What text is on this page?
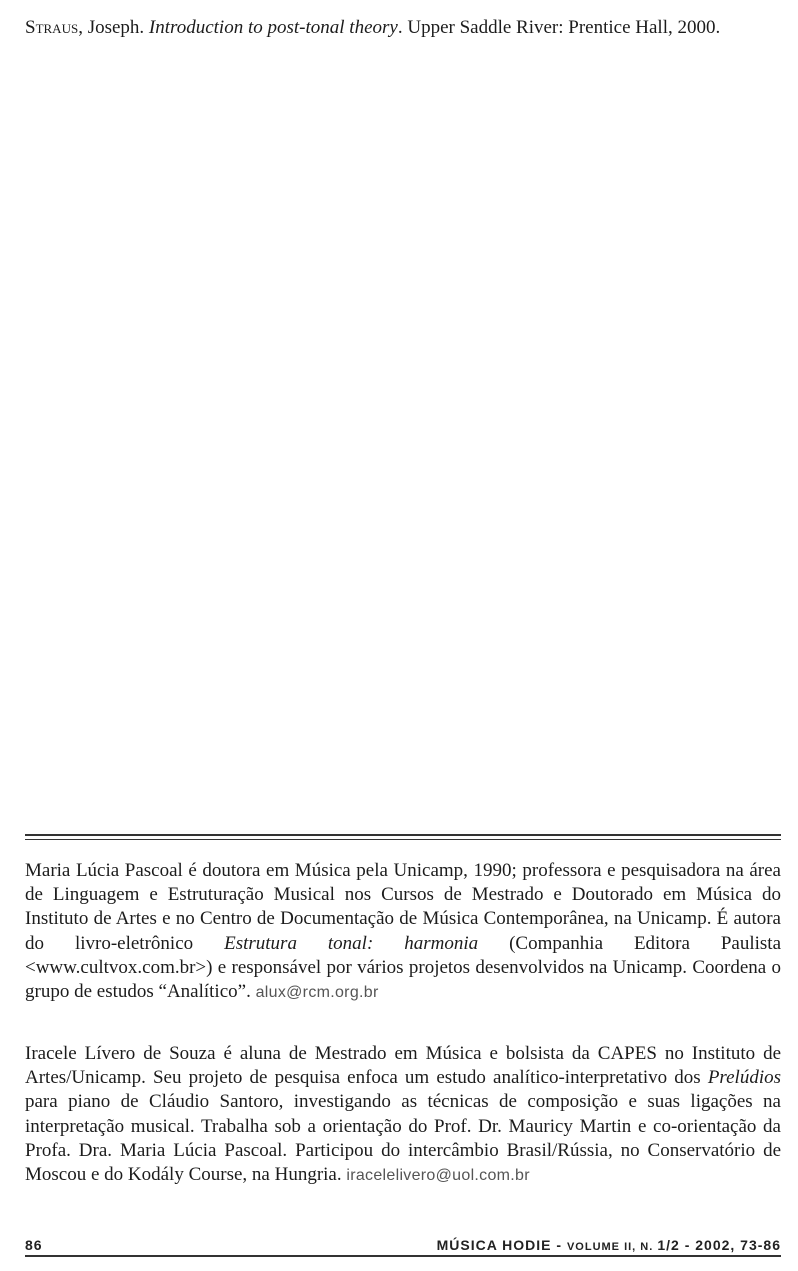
Straus, Joseph. Introduction to post-tonal theory. Upper Saddle River: Prentice Hall, 2000.

Maria Lúcia Pascoal é doutora em Música pela Unicamp, 1990; professora e pesquisadora na área de Linguagem e Estruturação Musical nos Cursos de Mestrado e Doutorado em Música do Instituto de Artes e no Centro de Documentação de Música Contemporânea, na Unicamp. É autora do livro-eletrônico Estrutura tonal: harmonia (Companhia Editora Paulista <www.cultvox.com.br>) e responsável por vários projetos desenvolvidos na Unicamp. Coordena o grupo de estudos “Analítico”. alux@rcm.org.br

Iracele Lívero de Souza é aluna de Mestrado em Música e bolsista da CAPES no Instituto de Artes/Unicamp. Seu projeto de pesquisa enfoca um estudo analítico-interpretativo dos Prelúdios para piano de Cláudio Santoro, investigando as técnicas de composição e suas ligações na interpretação musical. Trabalha sob a orientação do Prof. Dr. Mauricy Martin e co-orientação da Profa. Dra. Maria Lúcia Pascoal. Participou do intercâmbio Brasil/Rússia, no Conservatório de Moscou e do Kodály Course, na Hungria. iracelelivero@uol.com.br

86	MÚSICA HODIE - VOLUME II, N. 1/2 - 2002, 73-86
